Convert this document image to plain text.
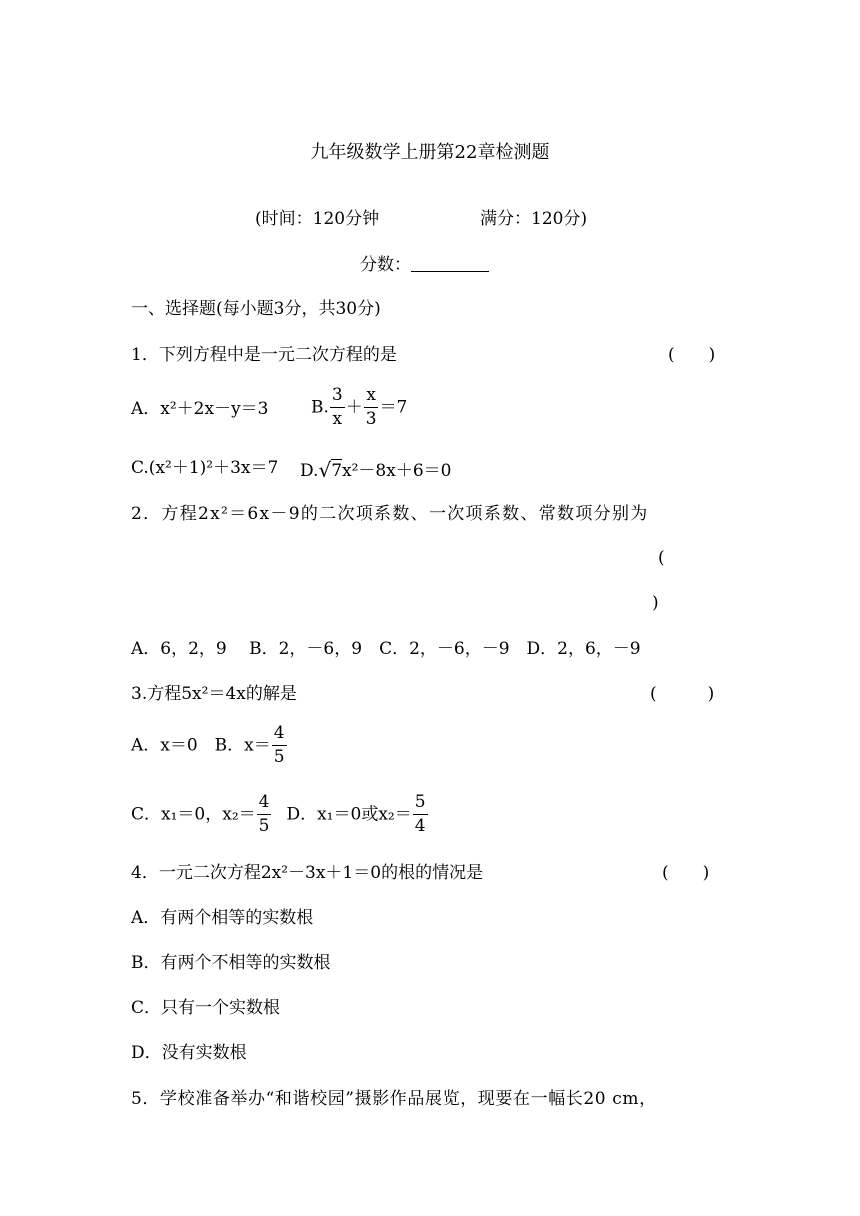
九年级数学上册第22章检测题
(时间：120分钟	满分：120分)
分数：
一、选择题(每小题3分，共30分)
1．下列方程中是一元二次方程的是	(　　)
A．x²＋2x－y＝3 B. $\frac{3}{x} + \frac{x}{3} =7$
C.(x²＋1)²＋3x＝7 D.√7x²－8x＋6＝0
2．方程2x²＝6x－9的二次项系数、一次项系数、常数项分别为
(
)
A．6，2，9　 B．2，－6，9　C．2，－6，－9　D．2，6，－9
3.方程5x²＝4x的解是	(　　　)
A．x＝0　B．$x= \frac{4}{5}$
C．x₁＝0，$x_2= \frac{4}{5}$ D．x₁＝0或$x_2= \frac{5}{4}$
4．一元二次方程2x²－3x＋1＝0的根的情况是	(　　)
A．有两个相等的实数根
B．有两个不相等的实数根
C．只有一个实数根
D．没有实数根
5．学校准备举办“和谐校园”摄影作品展览，现要在一幅长20 cm，
